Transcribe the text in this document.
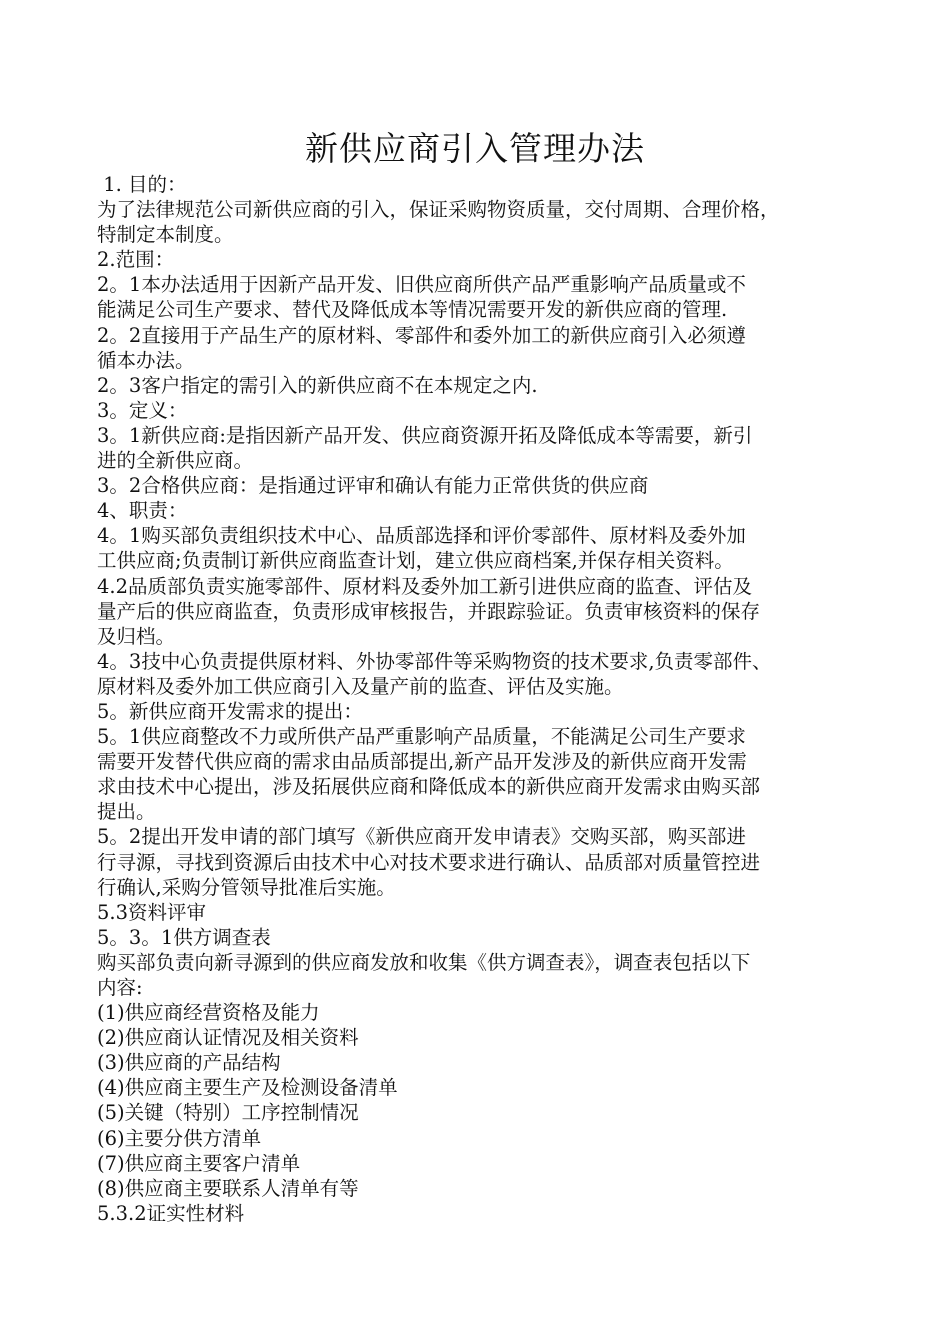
新供应商引入管理办法
1. 目的：
为了法律规范公司新供应商的引入，保证采购物资质量，交付周期、合理价格，
特制定本制度。
2.范围：
2。1本办法适用于因新产品开发、旧供应商所供产品严重影响产品质量或不
能满足公司生产要求、替代及降低成本等情况需要开发的新供应商的管理.
2。2直接用于产品生产的原材料、零部件和委外加工的新供应商引入必须遵
循本办法。
2。3客户指定的需引入的新供应商不在本规定之内.
3。定义：
3。1新供应商:是指因新产品开发、供应商资源开拓及降低成本等需要，新引
进的全新供应商。
3。2合格供应商：是指通过评审和确认有能力正常供货的供应商
4、职责：
4。1购买部负责组织技术中心、品质部选择和评价零部件、原材料及委外加
工供应商;负责制订新供应商监查计划，建立供应商档案,并保存相关资料。
4.2品质部负责实施零部件、原材料及委外加工新引进供应商的监查、评估及
量产后的供应商监查，负责形成审核报告，并跟踪验证。负责审核资料的保存
及归档。
4。3技中心负责提供原材料、外协零部件等采购物资的技术要求,负责零部件、
原材料及委外加工供应商引入及量产前的监查、评估及实施。
5。新供应商开发需求的提出：
5。1供应商整改不力或所供产品严重影响产品质量，不能满足公司生产要求
需要开发替代供应商的需求由品质部提出,新产品开发涉及的新供应商开发需
求由技术中心提出，涉及拓展供应商和降低成本的新供应商开发需求由购买部
提出。
5。2提出开发申请的部门填写《新供应商开发申请表》交购买部，购买部进
行寻源，寻找到资源后由技术中心对技术要求进行确认、品质部对质量管控进
行确认,采购分管领导批准后实施。
5.3资料评审
5。3。1供方调查表
购买部负责向新寻源到的供应商发放和收集《供方调查表》，调查表包括以下
内容:
(1)供应商经营资格及能力
(2)供应商认证情况及相关资料
(3)供应商的产品结构
(4)供应商主要生产及检测设备清单
(5)关键（特别）工序控制情况
(6)主要分供方清单
(7)供应商主要客户清单
(8)供应商主要联系人清单有等
5.3.2证实性材料
